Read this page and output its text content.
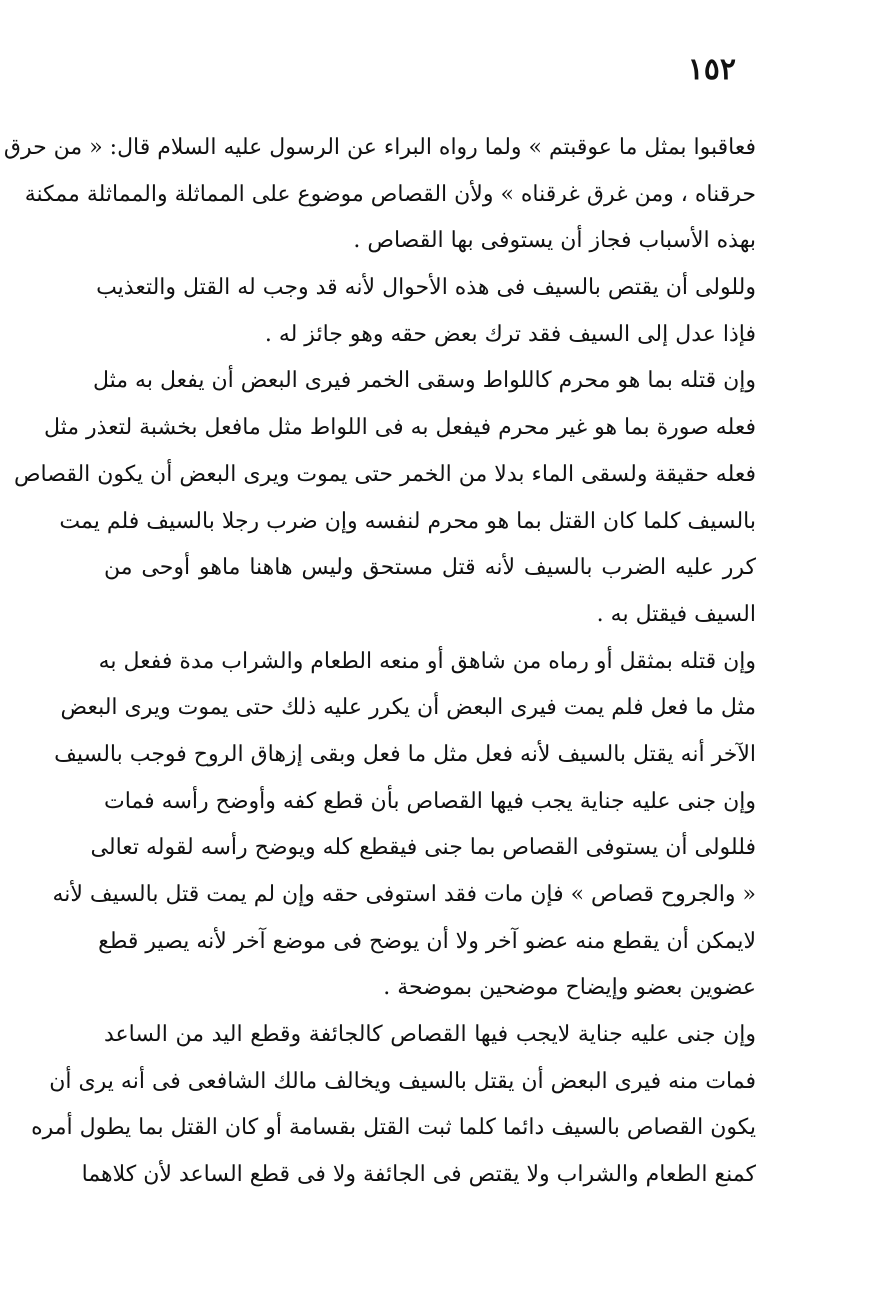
١٥٢
فعاقبوا بمثل ما عوقبتم » ولما رواه البراء عن الرسول عليه السلام قال: « من حرق
حرقناه ، ومن غرق غرقناه » ولأن القصاص موضوع على المماثلة والمماثلة ممكنة
بهذه الأسباب فجاز أن يستوفى بها القصاص .
وللولى أن يقتص بالسيف فى هذه الأحوال لأنه قد وجب له القتل والتعذيب
فإذا عدل إلى السيف فقد ترك بعض حقه وهو جائز له .
وإن قتله بما هو محرم كاللواط وسقى الخمر فيرى البعض أن يفعل به مثل
فعله صورة بما هو غير محرم فيفعل به فى اللواط مثل مافعل بخشبة لتعذر مثل
فعله حقيقة ولسقى الماء بدلا من الخمر حتى يموت ويرى البعض أن يكون القصاص
بالسيف كلما كان القتل بما هو محرم لنفسه وإن ضرب رجلا بالسيف فلم يمت
كرر عليه الضرب بالسيف لأنه قتل مستحق وليس هاهنا ماهو أوحى من
السيف فيقتل به .
وإن قتله بمثقل أو رماه من شاهق أو منعه الطعام والشراب مدة ففعل به
مثل ما فعل فلم يمت فيرى البعض أن يكرر عليه ذلك حتى يموت ويرى البعض
الآخر أنه يقتل بالسيف لأنه فعل مثل ما فعل وبقى إزهاق الروح فوجب بالسيف
وإن جنى عليه جناية يجب فيها القصاص بأن قطع كفه وأوضح رأسه فمات
فللولى أن يستوفى القصاص بما جنى فيقطع كله ويوضح رأسه لقوله تعالى
« والجروح قصاص » فإن مات فقد استوفى حقه وإن لم يمت قتل بالسيف لأنه
لايمكن أن يقطع منه عضو آخر ولا أن يوضح فى موضع آخر لأنه يصير قطع
عضوين بعضو وإيضاح موضحين بموضحة .
وإن جنى عليه جناية لايجب فيها القصاص كالجائفة وقطع اليد من الساعد
فمات منه فيرى البعض أن يقتل بالسيف ويخالف مالك الشافعى فى أنه يرى أن
يكون القصاص بالسيف دائما كلما ثبت القتل بقسامة أو كان القتل بما يطول أمره
كمنع الطعام والشراب ولا يقتص فى الجائفة ولا فى قطع الساعد لأن كلاهما
